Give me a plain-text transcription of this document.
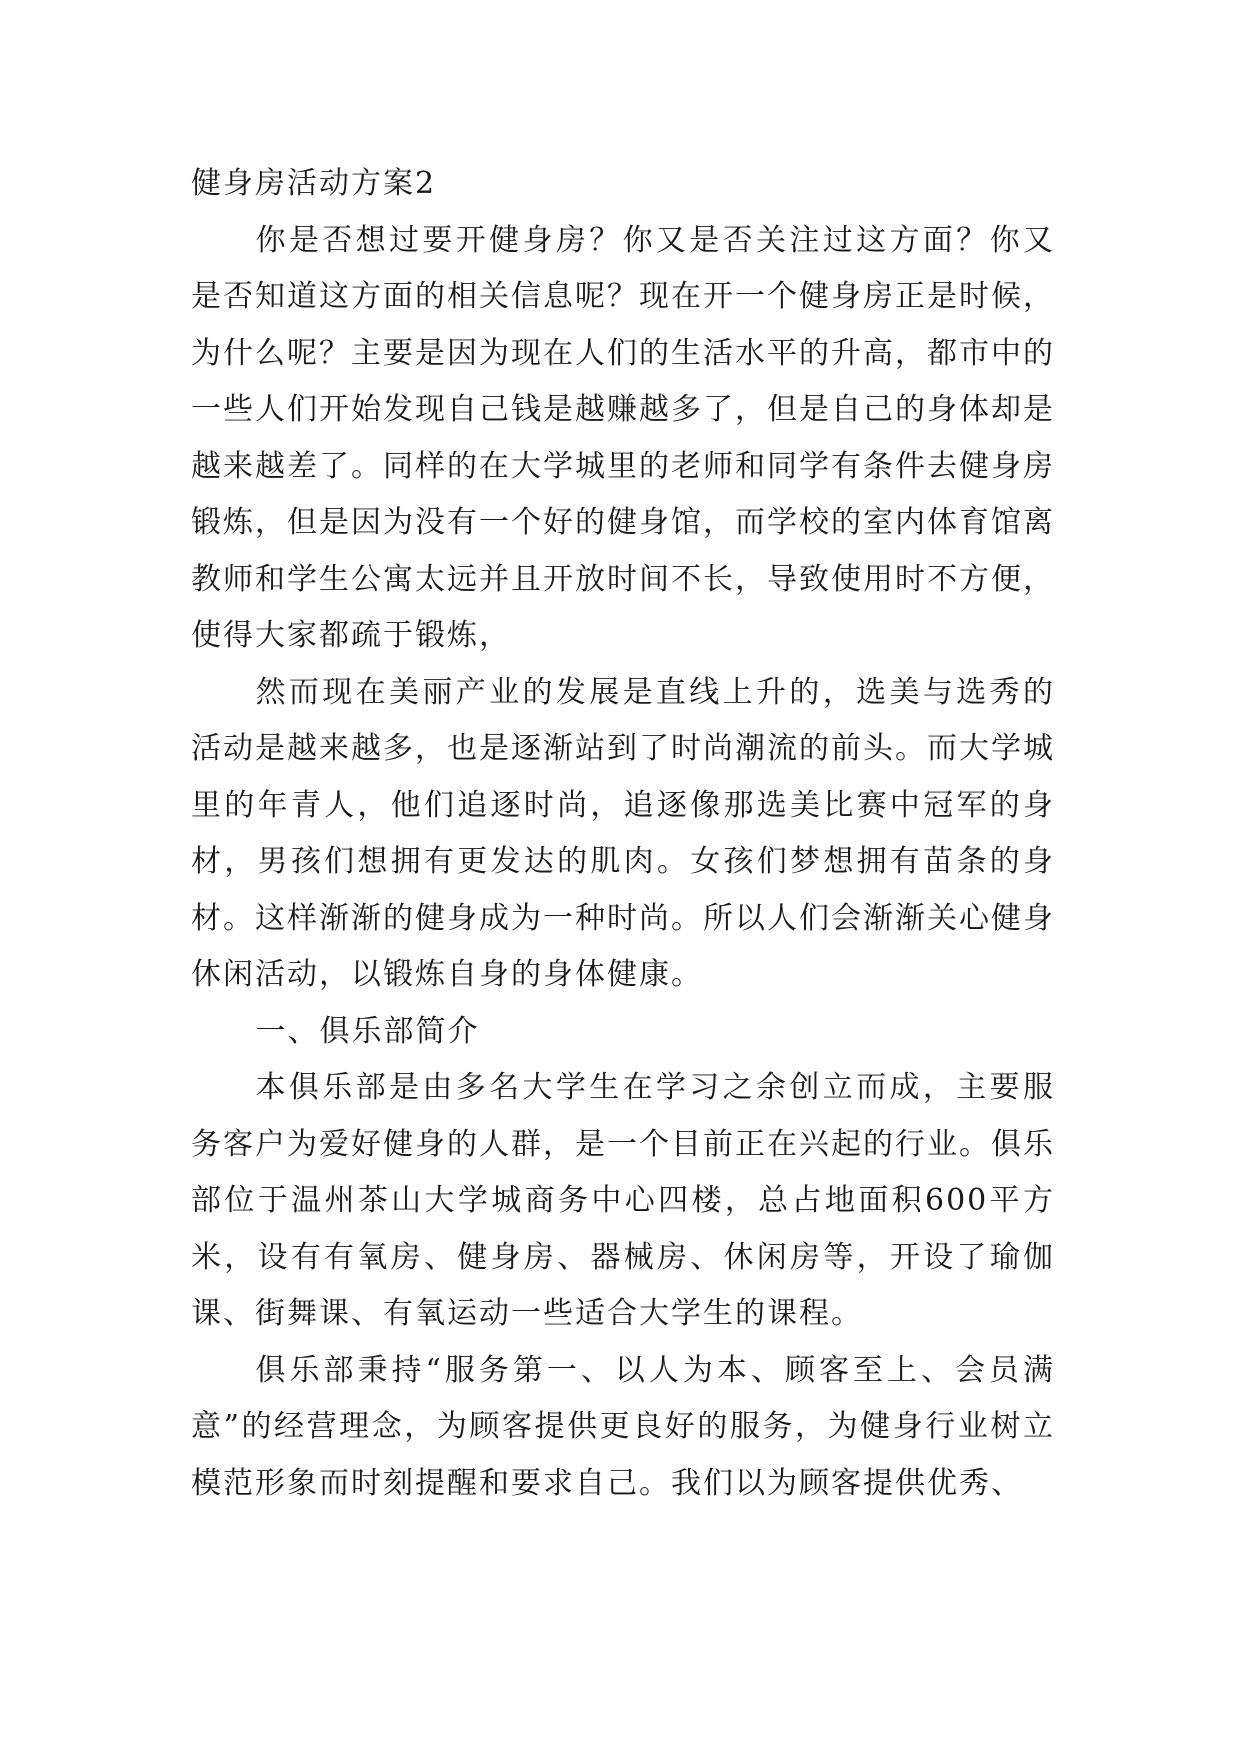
健身房活动方案2

你是否想过要开健身房？你又是否关注过这方面？你又是否知道这方面的相关信息呢？现在开一个健身房正是时候，为什么呢？主要是因为现在人们的生活水平的升高，都市中的一些人们开始发现自己钱是越赚越多了，但是自己的身体却是越来越差了。同样的在大学城里的老师和同学有条件去健身房锻炼，但是因为没有一个好的健身馆，而学校的室内体育馆离教师和学生公寓太远并且开放时间不长，导致使用时不方便，使得大家都疏于锻炼，

然而现在美丽产业的发展是直线上升的，选美与选秀的活动是越来越多，也是逐渐站到了时尚潮流的前头。而大学城里的年青人，他们追逐时尚，追逐像那选美比赛中冠军的身材，男孩们想拥有更发达的肌肉。女孩们梦想拥有苗条的身材。这样渐渐的健身成为一种时尚。所以人们会渐渐关心健身休闲活动，以锻炼自身的身体健康。

一、俱乐部简介

本俱乐部是由多名大学生在学习之余创立而成，主要服务客户为爱好健身的人群，是一个目前正在兴起的行业。俱乐部位于温州茶山大学城商务中心四楼，总占地面积600平方米，设有有氧房、健身房、器械房、休闲房等，开设了瑜伽课、街舞课、有氧运动一些适合大学生的课程。

俱乐部秉持“服务第一、以人为本、顾客至上、会员满意”的经营理念，为顾客提供更良好的服务，为健身行业树立模范形象而时刻提醒和要求自己。我们以为顾客提供优秀、
